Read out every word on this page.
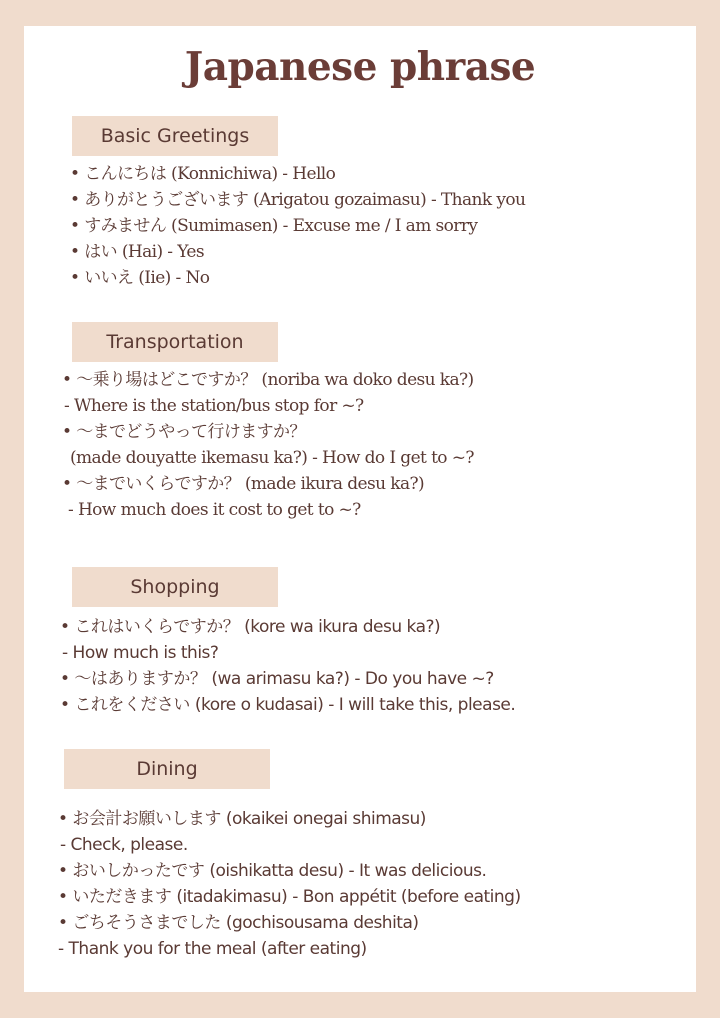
Japanese phrase
Basic Greetings
• こんにちは (Konnichiwa) - Hello
• ありがとうございます (Arigatou gozaimasu) - Thank you
• すみません (Sumimasen) - Excuse me / I am sorry
• はい (Hai) - Yes
• いいえ (Iie) - No
Transportation
• ～乗り場はどこですか？ (noriba wa doko desu ka?)
- Where is the station/bus stop for ~?
• ～までどうやって行けますか？
(made douyatte ikemasu ka?) - How do I get to ~?
• ～までいくらですか？ (made ikura desu ka?)
- How much does it cost to get to ~?
Shopping
• これはいくらですか？ (kore wa ikura desu ka?)
- How much is this?
• ～はありますか？ (wa arimasu ka?) - Do you have ~?
• これをください (kore o kudasai) - I will take this, please.
Dining
• お会計お願いします (okaikei onegai shimasu)
- Check, please.
• おいしかったです (oishikatta desu) - It was delicious.
• いただきます (itadakimasu) - Bon appétit (before eating)
• ごちそうさまでした (gochisousama deshita)
- Thank you for the meal (after eating)
